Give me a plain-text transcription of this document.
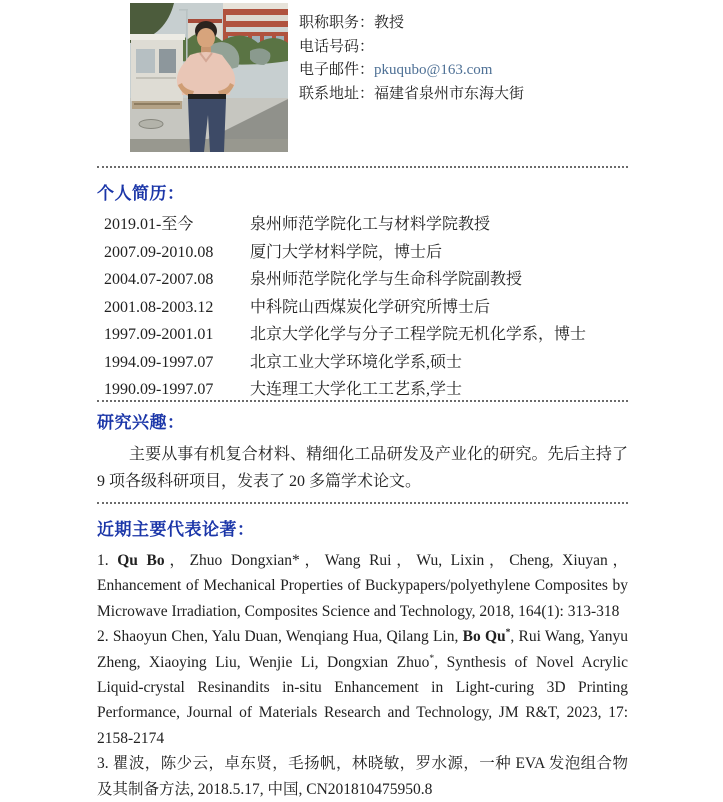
职称职务：教授
电话号码：
电子邮件：pkuqubo@163.com
联系地址：福建省泉州市东海大街
个人简历：
2019.01-至今	泉州师范学院化工与材料学院教授
2007.09-2010.08	厦门大学材料学院，博士后
2004.07-2007.08	泉州师范学院化学与生命科学院副教授
2001.08-2003.12	中科院山西煤炭化学研究所博士后
1997.09-2001.01	北京大学化学与分子工程学院无机化学系，博士
1994.09-1997.07	北京工业大学环境化学系,硕士
1990.09-1997.07	大连理工大学化工工艺系,学士
研究兴趣：
主要从事有机复合材料、精细化工品研发及产业化的研究。先后主持了 9 项各级科研项目，发表了 20 多篇学术论文。
近期主要代表论著：

1. Qu Bo，Zhuo Dongxian*，Wang Rui，Wu, Lixin，Cheng, Xiuyan，Enhancement of Mechanical Properties of Buckypapers/polyethylene Composites by Microwave Irradiation, Composites Science and Technology, 2018, 164(1): 313-318

2. Shaoyun Chen, Yalu Duan, Wenqiang Hua, Qilang Lin, Bo Qu*, Rui Wang, Yanyu Zheng, Xiaoying Liu, Wenjie Li, Dongxian Zhuo*, Synthesis of Novel Acrylic Liquid-crystal Resinandits in-situ Enhancement in Light-curing 3D Printing Performance, Journal of Materials Research and Technology, JM R&T, 2023, 17: 2158-2174

3. 瞿波，陈少云，卓东贤，毛扬帆，林晓敏，罗水源，一种 EVA 发泡组合物及其制备方法, 2018.5.17, 中国, CN201810475950.8
